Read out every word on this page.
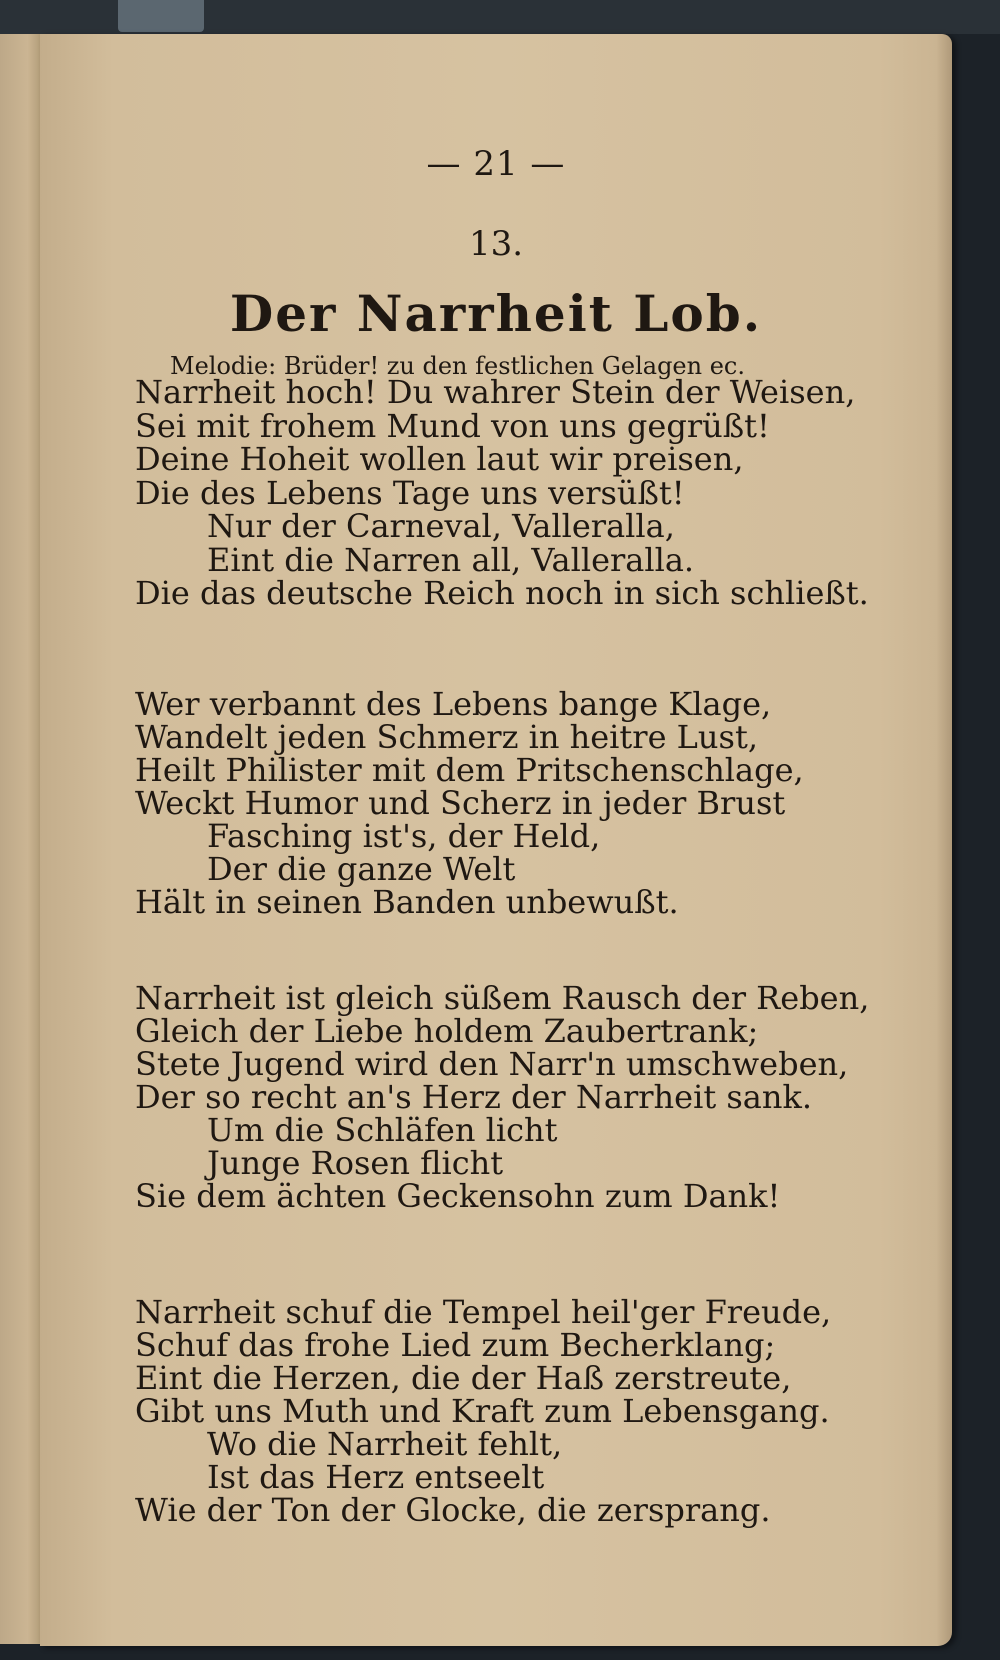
— 21 —
13.
Der Narrheit Lob.
Melodie: Brüder! zu den festlichen Gelagen ec.
Narrheit hoch! Du wahrer Stein der Weisen,
Sei mit frohem Mund von uns gegrüßt!
Deine Hoheit wollen laut wir preisen,
Die des Lebens Tage uns versüßt!
Nur der Carneval, Valleralla,
Eint die Narren all, Valleralla.
Die das deutsche Reich noch in sich schließt.
Wer verbannt des Lebens bange Klage,
Wandelt jeden Schmerz in heitre Lust,
Heilt Philister mit dem Pritschenschlage,
Weckt Humor und Scherz in jeder Brust
Fasching ist's, der Held,
Der die ganze Welt
Hält in seinen Banden unbewußt.
Narrheit ist gleich süßem Rausch der Reben,
Gleich der Liebe holdem Zaubertrank;
Stete Jugend wird den Narr'n umschweben,
Der so recht an's Herz der Narrheit sank.
Um die Schläfen licht
Junge Rosen flicht
Sie dem ächten Geckensohn zum Dank!
Narrheit schuf die Tempel heil'ger Freude,
Schuf das frohe Lied zum Becherklang;
Eint die Herzen, die der Haß zerstreute,
Gibt uns Muth und Kraft zum Lebensgang.
Wo die Narrheit fehlt,
Ist das Herz entseelt
Wie der Ton der Glocke, die zersprang.
